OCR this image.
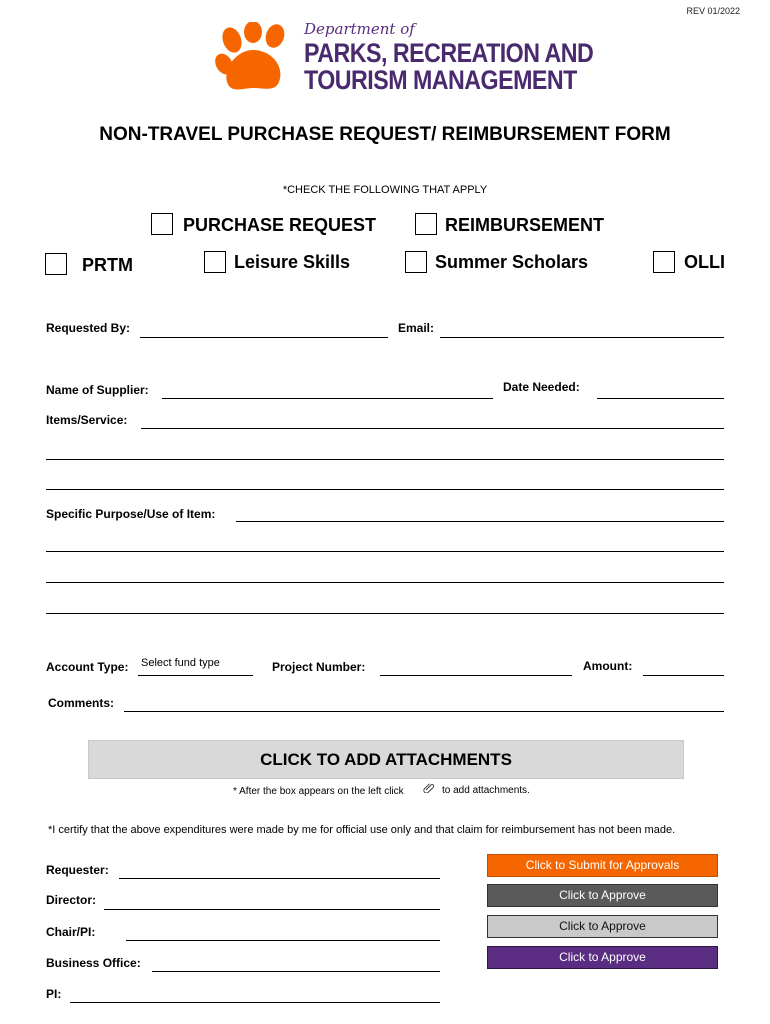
REV 01/2022
Department of
PARKS, RECREATION AND
TOURISM MANAGEMENT
NON-TRAVEL PURCHASE REQUEST/ REIMBURSEMENT FORM
*CHECK THE FOLLOWING THAT APPLY
PURCHASE REQUEST	REIMBURSEMENT
PRTM	Leisure Skills	Summer Scholars	OLLI
Requested By:	Email:
Name of Supplier:	Date Needed:
Items/Service:
Specific Purpose/Use of Item:
Account Type: Select fund type	Project Number:	Amount:
Comments:
CLICK TO ADD ATTACHMENTS
* After the box appears on the left click	to add attachments.
*I certify that the above expenditures were made by me for official use only and that claim for reimbursement has not been made.
Requester:	Click to Submit for Approvals
Director:	Click to Approve
Chair/PI:	Click to Approve
Business Office:	Click to Approve
PI:
